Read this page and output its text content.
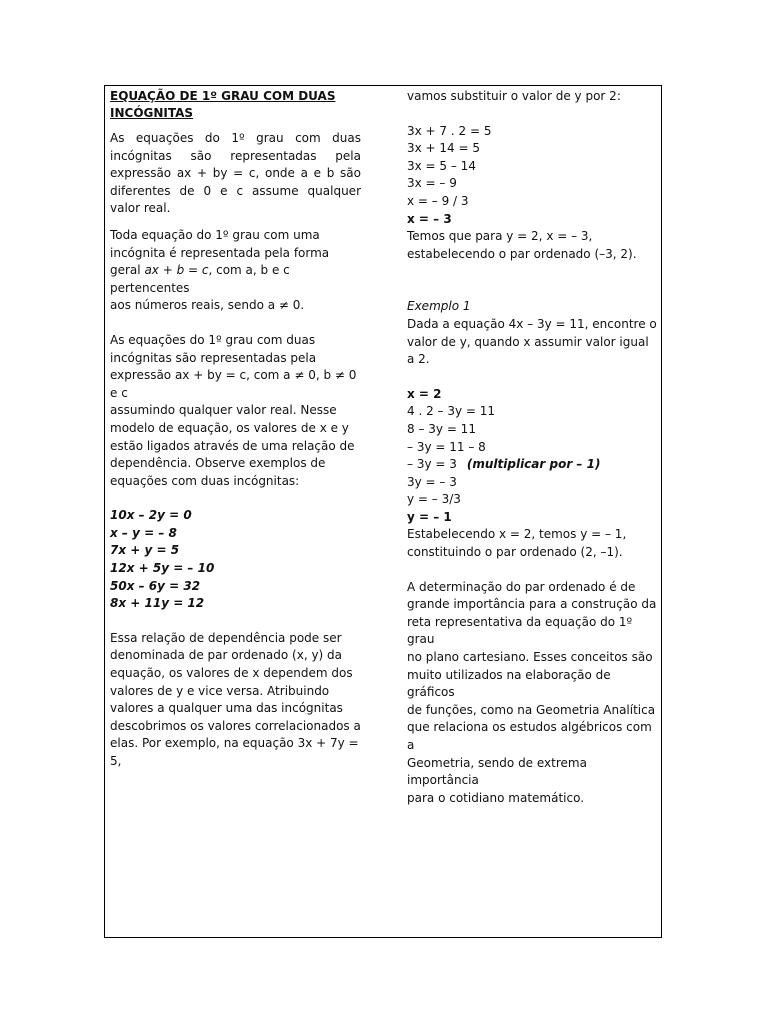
EQUAÇÃO DE 1º GRAU COM DUAS
INCÓGNITAS

As equações do 1º grau com duas incógnitas são representadas pela expressão ax + by = c, onde a e b são diferentes de 0 e c assume qualquer valor real.

Toda equação do 1º grau com uma
incógnita é representada pela forma
geral ax + b = c, com a, b e c pertencentes
aos números reais, sendo a ≠ 0.
As equações do 1º grau com duas
incógnitas são representadas pela
expressão ax + by = c, com a ≠ 0, b ≠ 0 e c
assumindo qualquer valor real. Nesse
modelo de equação, os valores de x e y
estão ligados através de uma relação de
dependência. Observe exemplos de
equações com duas incógnitas:
10x – 2y = 0
x – y = – 8
7x + y = 5
12x + 5y = – 10
50x – 6y = 32
8x + 11y = 12
Essa relação de dependência pode ser
denominada de par ordenado (x, y) da
equação, os valores de x dependem dos
valores de y e vice versa. Atribuindo
valores a qualquer uma das incógnitas
descobrimos os valores correlacionados a
elas. Por exemplo, na equação 3x + 7y = 5,
vamos substituir o valor de y por 2:
3x + 7 . 2 = 5
3x + 14 = 5
3x = 5 – 14
3x = – 9
x = – 9 / 3
x = – 3
Temos que para y = 2, x = – 3,
estabelecendo o par ordenado (–3, 2).
Exemplo 1
Dada a equação 4x – 3y = 11, encontre o
valor de y, quando x assumir valor igual a 2.
x = 2
4 . 2 – 3y = 11
8 – 3y = 11
– 3y = 11 – 8
– 3y = 3 (multiplicar por – 1)
3y = – 3
y = – 3/3
y = – 1
Estabelecendo x = 2, temos y = – 1,
constituindo o par ordenado (2, –1).
A determinação do par ordenado é de
grande importância para a construção da
reta representativa da equação do 1º grau
no plano cartesiano. Esses conceitos são
muito utilizados na elaboração de gráficos
de funções, como na Geometria Analítica
que relaciona os estudos algébricos com a
Geometria, sendo de extrema importância
para o cotidiano matemático.
